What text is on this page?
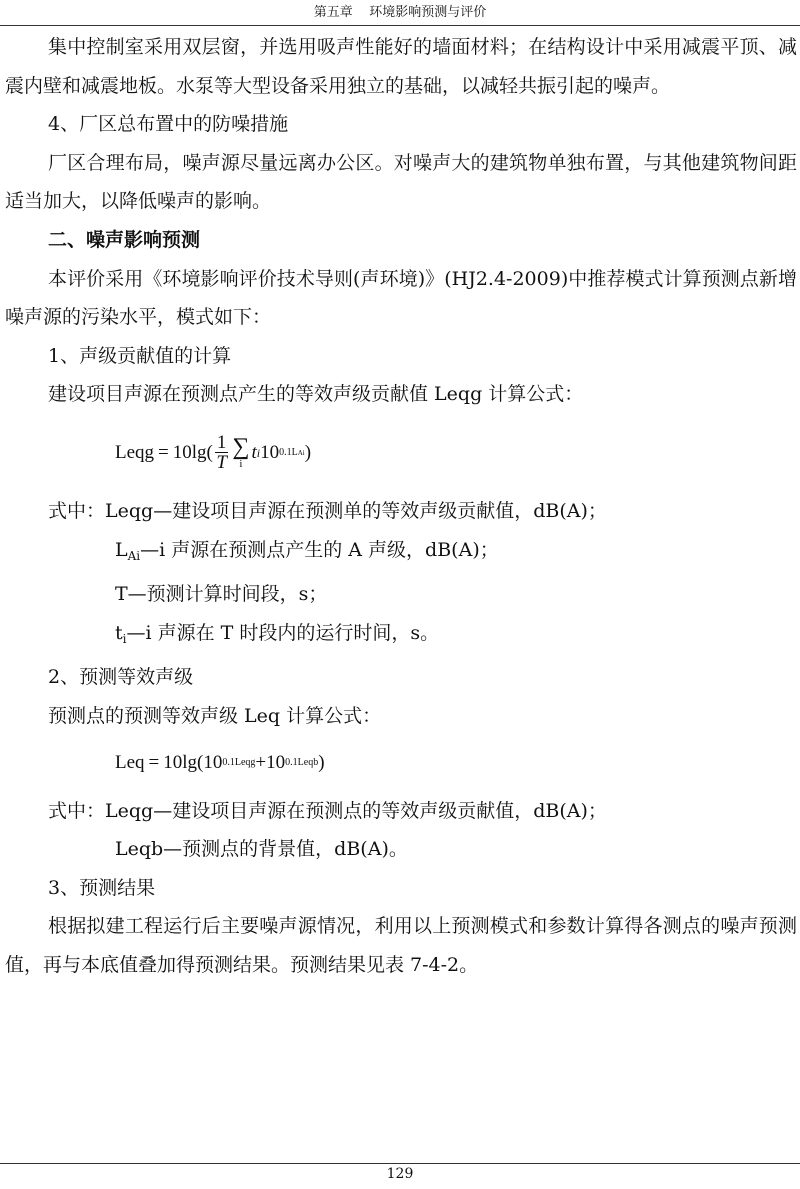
第五章 环境影响预测与评价

集中控制室采用双层窗，并选用吸声性能好的墙面材料；在结构设计中采用减震平顶、减震内壁和减震地板。水泵等大型设备采用独立的基础，以减轻共振引起的噪声。

4、厂区总布置中的防噪措施

厂区合理布局，噪声源尽量远离办公区。对噪声大的建筑物单独布置，与其他建筑物间距适当加大，以降低噪声的影响。

二、噪声影响预测

本评价采用《环境影响评价技术导则(声环境)》(HJ2.4-2009)中推荐模式计算预测点新增噪声源的污染水平，模式如下：

1、声级贡献值的计算

建设项目声源在预测点产生的等效声级贡献值 Leqg 计算公式：

Leqg = $10\lg( \frac{1}{T}$ ∑
i
t i 10 0.1L Ai )

式中：Leqg—建设项目声源在预测单的等效声级贡献值，dB(A)；

$L_{Ai}—i$ 声源在预测点产生的 A 声级，dB(A)；

T—预测计算时间段，s；

$t_i—i$ 声源在 T 时段内的运行时间，s。

2、预测等效声级

预测点的预测等效声级 Leq 计算公式：

Leq = 10lg(10 0.1Leqg +10 0.1Leqb )

式中：Leqg—建设项目声源在预测点的等效声级贡献值，dB(A)；

Leqb—预测点的背景值，dB(A)。

3、预测结果

根据拟建工程运行后主要噪声源情况，利用以上预测模式和参数计算得各测点的噪声预测值，再与本底值叠加得预测结果。预测结果见表 7-4-2。

129
